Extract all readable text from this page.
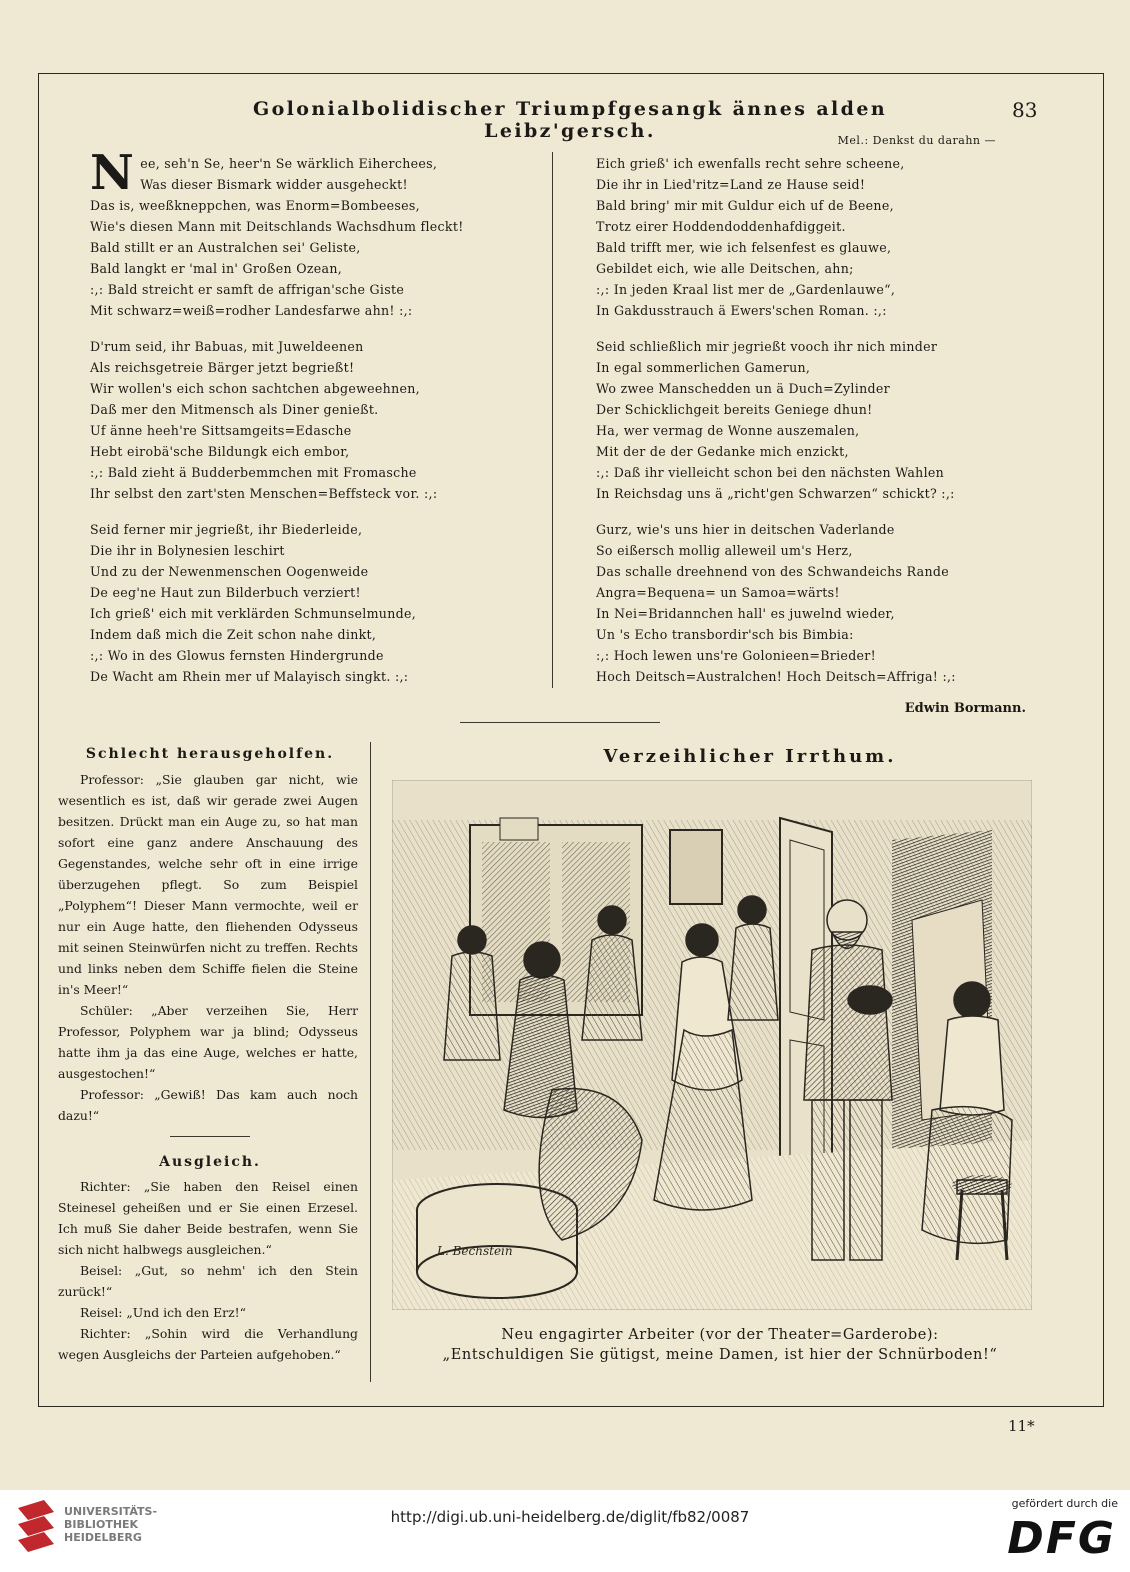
Golonialbolidischer Triumpfgesangk ännes alden Leibz'gersch.
83
Mel.: Denkst du darahn —
Nee, seh'n Se, heer'n Se wärklich Eiherchees,
Was dieser Bismark widder ausgeheckt!
Das is, weeßkneppchen, was Enorm=Bombeeses,
Wie's diesen Mann mit Deitschlands Wachsdhum fleckt!
Bald stillt er an Australchen sei' Geliste,
Bald langkt er 'mal in' Großen Ozean,
:,: Bald streicht er samft de affrigan'sche Giste
Mit schwarz=weiß=rodher Landesfarwe ahn! :,:
D'rum seid, ihr Babuas, mit Juweldeenen
Als reichsgetreie Bärger jetzt begrießt!
Wir wollen's eich schon sachtchen abgeweehnen,
Daß mer den Mitmensch als Diner genießt.
Uf änne heeh're Sittsamgeits=Edasche
Hebt eirobä'sche Bildungk eich embor,
:,: Bald zieht ä Budderbemmchen mit Fromasche
Ihr selbst den zart'sten Menschen=Beffsteck vor. :,:
Seid ferner mir jegrießt, ihr Biederleide,
Die ihr in Bolynesien leschirt
Und zu der Newenmenschen Oogenweide
De eeg'ne Haut zun Bilderbuch verziert!
Ich grieß' eich mit verklärden Schmunselmunde,
Indem daß mich die Zeit schon nahe dinkt,
:,: Wo in des Glowus fernsten Hindergrunde
De Wacht am Rhein mer uf Malayisch singkt. :,:
Eich grieß' ich ewenfalls recht sehre scheene,
Die ihr in Lied'ritz=Land ze Hause seid!
Bald bring' mir mit Guldur eich uf de Beene,
Trotz eirer Hoddendoddenhafdiggeit.
Bald trifft mer, wie ich felsenfest es glauwe,
Gebildet eich, wie alle Deitschen, ahn;
:,: In jeden Kraal list mer de „Gardenlauwe“,
In Gakdusstrauch ä Ewers'schen Roman. :,:
Seid schließlich mir jegrießt vooch ihr nich minder
In egal sommerlichen Gamerun,
Wo zwee Manschedden un ä Duch=Zylinder
Der Schicklichgeit bereits Geniege dhun!
Ha, wer vermag de Wonne auszemalen,
Mit der de der Gedanke mich enzickt,
:,: Daß ihr vielleicht schon bei den nächsten Wahlen
In Reichsdag uns ä „richt'gen Schwarzen“ schickt? :,:
Gurz, wie's uns hier in deitschen Vaderlande
So eißersch mollig alleweil um's Herz,
Das schalle dreehnend von des Schwandeichs Rande
Angra=Bequena= un Samoa=wärts!
In Nei=Bridannchen hall' es juwelnd wieder,
Un 's Echo transbordir'sch bis Bimbia:
:,: Hoch lewen uns're Golonieen=Brieder!
Hoch Deitsch=Australchen! Hoch Deitsch=Affriga! :,:
Edwin Bormann.
Schlecht herausgeholfen.

Professor: „Sie glauben gar nicht, wie wesentlich es ist, daß wir gerade zwei Augen besitzen. Drückt man ein Auge zu, so hat man sofort eine ganz andere Anschauung des Gegenstandes, welche sehr oft in eine irrige überzugehen pflegt. So zum Beispiel „Polyphem“! Dieser Mann vermochte, weil er nur ein Auge hatte, den fliehenden Odysseus mit seinen Steinwürfen nicht zu treffen. Rechts und links neben dem Schiffe fielen die Steine in's Meer!“

Schüler: „Aber verzeihen Sie, Herr Professor, Polyphem war ja blind; Odysseus hatte ihm ja das eine Auge, welches er hatte, ausgestochen!“

Professor: „Gewiß! Das kam auch noch dazu!“

Ausgleich.

Richter: „Sie haben den Reisel einen Steinesel geheißen und er Sie einen Erzesel. Ich muß Sie daher Beide bestrafen, wenn Sie sich nicht halbwegs ausgleichen.“

Beisel: „Gut, so nehm' ich den Stein zurück!“

Reisel: „Und ich den Erz!“

Richter: „Sohin wird die Verhandlung wegen Ausgleichs der Parteien aufgehoben.“

Verzeihlicher Irrthum.
L. Bechstein
Neu engagirter Arbeiter (vor der Theater=Garderobe):
„Entschuldigen Sie gütigst, meine Damen, ist hier der Schnürboden!“
11*
UNIVERSITÄTS-
BIBLIOTHEK
HEIDELBERG
http://digi.ub.uni-heidelberg.de/diglit/fb82/0087
gefördert durch die
DFG
